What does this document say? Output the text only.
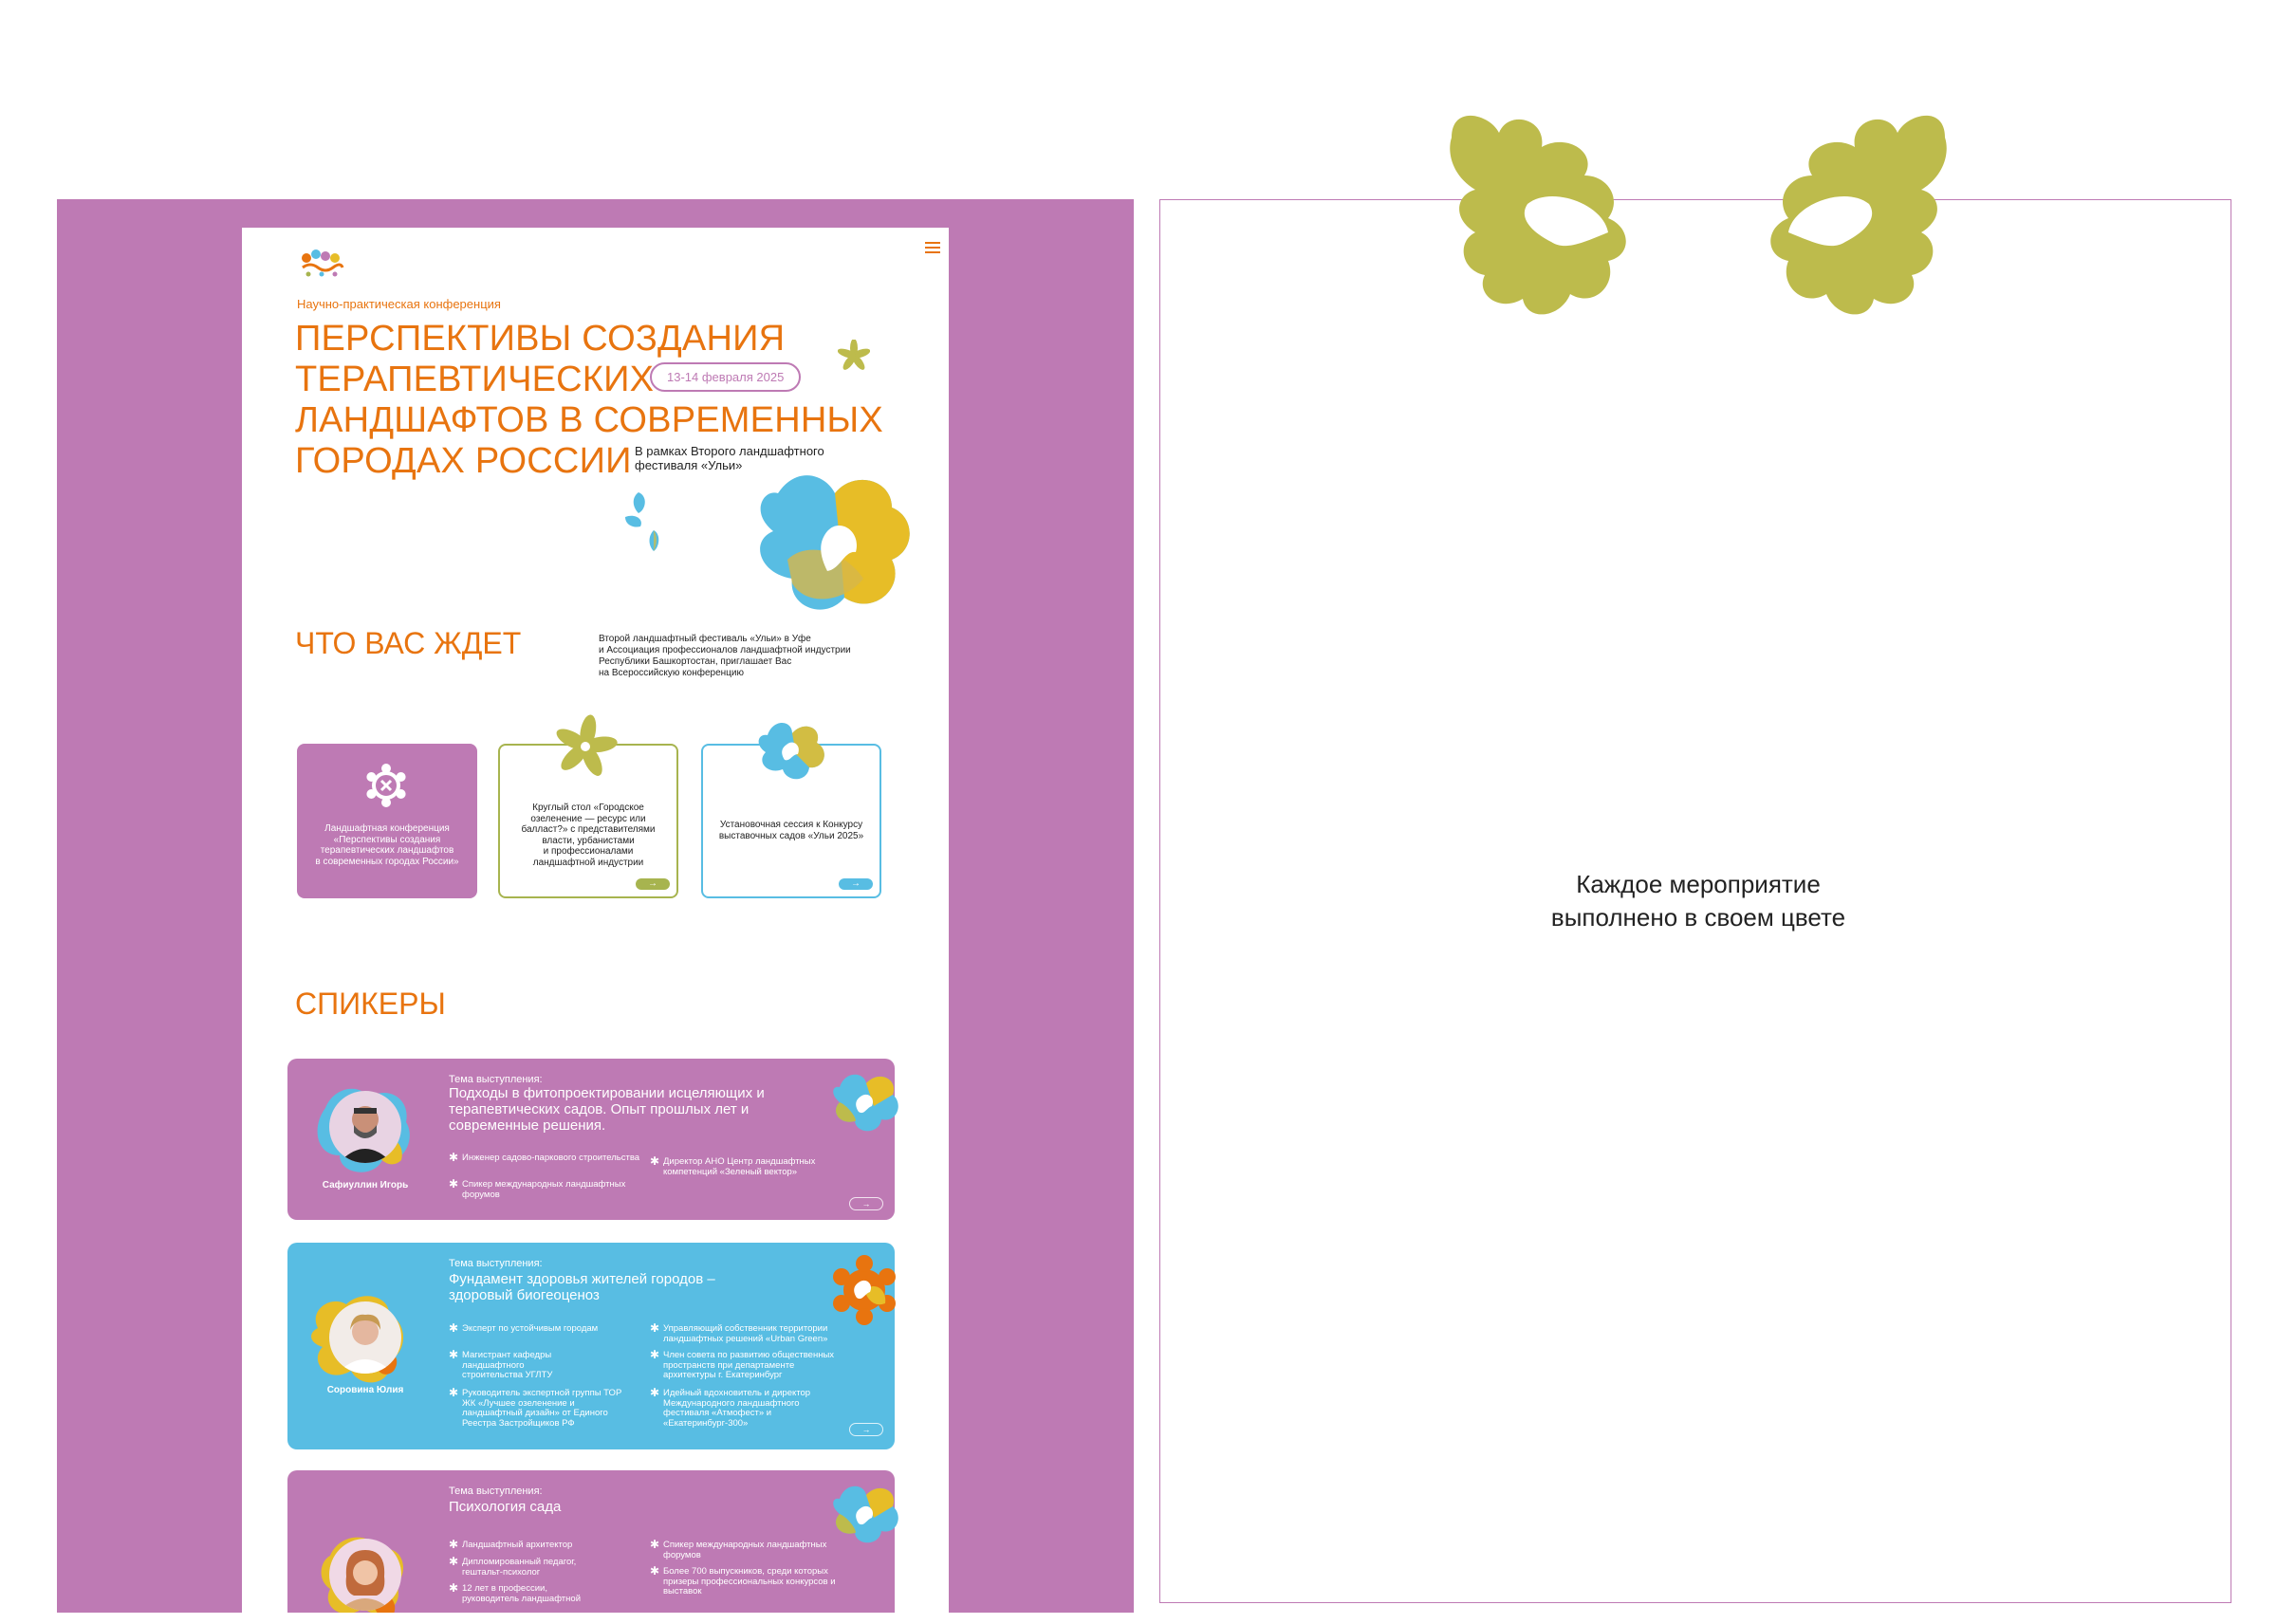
Научно-практическая конференция
ПЕРСПЕКТИВЫ СОЗДАНИЯ
ТЕРАПЕВТИЧЕСКИХ
ЛАНДШАФТОВ В СОВРЕМЕННЫХ
ГОРОДАХ РОССИИ
13-14 февраля 2025
В рамках Второго ландшафтного
фестиваля «Ульи»
ЧТО ВАС ЖДЕТ	Второй ландшафтный фестиваль «Ульи» в Уфе
и Ассоциация профессионалов ландшафтной индустрии
Республики Башкортостан, приглашает Вас
на Всероссийскую конференцию
Ландшафтная конференция
«Перспективы создания
терапевтических ландшафтов
в современных городах России»
Круглый стол «Городское
озеленение — ресурс или
балласт?» с представителями
власти, урбанистами
и профессионалами
ландшафтной индустрии
→
Установочная сессия к Конкурсу
выставочных садов «Ульи 2025»
→
СПИКЕРЫ
Сафиуллин Игорь
Тема выступления:
Подходы в фитопроектировании исцеляющих и терапевтических садов. Опыт прошлых лет и современные решения.
✱ Инженер садово-паркового строительства
✱ Спикер международных ландшафтных форумов
✱ Директор АНО Центр ландшафтных компетенций «Зеленый вектор»
→
Соровина Юлия
Тема выступления:
Фундамент здоровья жителей городов – здоровый биогеоценоз
✱ Эксперт по устойчивым городам
✱ Магистрант кафедры ландшафтного строительства УГЛТУ
✱ Руководитель экспертной группы ТОР ЖК «Лучшее озеленение и ландшафтный дизайн» от Единого Реестра Застройщиков РФ
✱ Управляющий собственник территории ландшафтных решений «Urban Green»
✱ Член совета по развитию общественных пространств при департаменте архитектуры г. Екатеринбург
✱ Идейный вдохновитель и директор Международного ландшафтного фестиваля «Атмофест» и «Екатеринбург-300»
→
Тема выступления:
Психология сада
✱ Ландшафтный архитектор
✱ Дипломированный педагог, гештальт-психолог
✱ 12 лет в профессии, руководитель ландшафтной
✱ Спикер международных ландшафтных форумов
✱ Более 700 выпускников, среди которых призеры профессиональных конкурсов и выставок
Каждое мероприятие
выполнено в своем цвете
